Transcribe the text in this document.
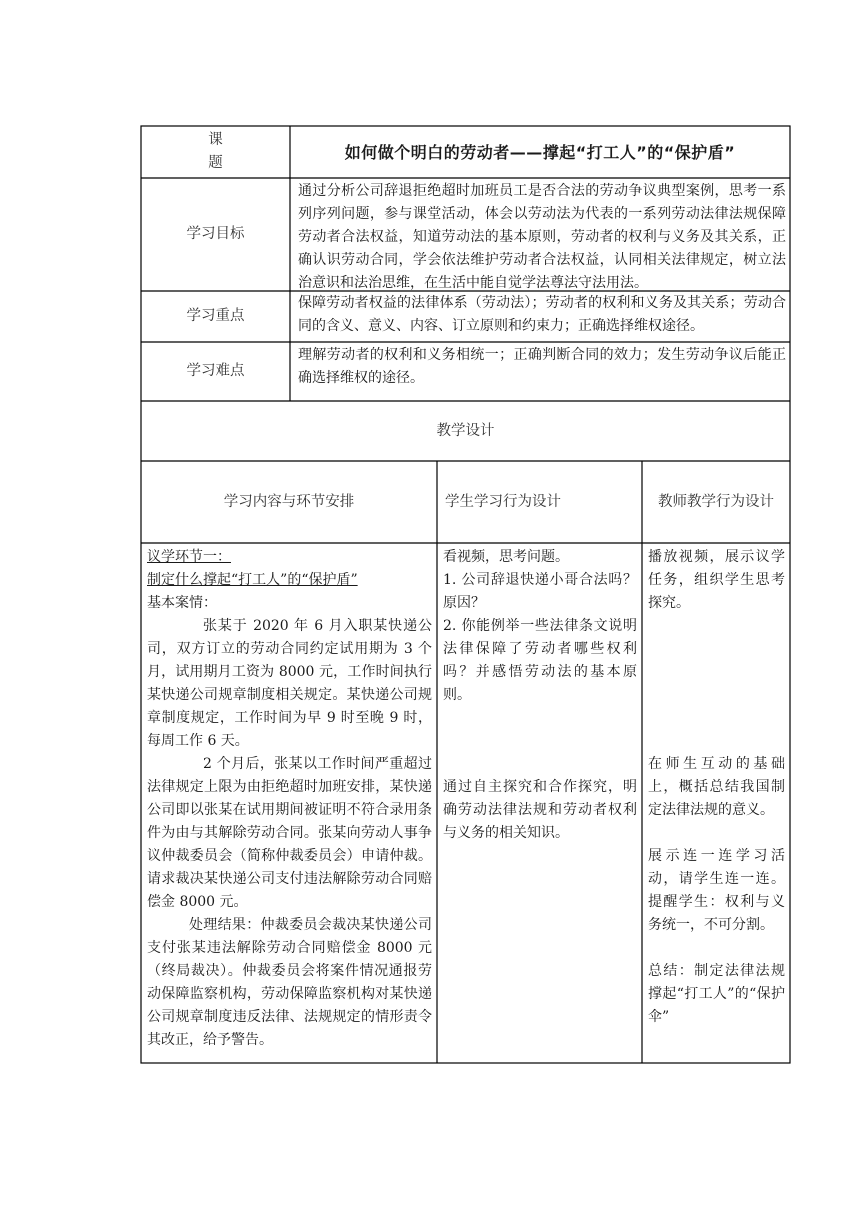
课　　题
如何做个明白的劳动者——撑起“打工人”的“保护盾”
学习目标
通过分析公司辞退拒绝超时加班员工是否合法的劳动争议典型案例，思考一系列序列问题，参与课堂活动，体会以劳动法为代表的一系列劳动法律法规保障劳动者合法权益，知道劳动法的基本原则，劳动者的权利与义务及其关系，正确认识劳动合同，学会依法维护劳动者合法权益，认同相关法律规定，树立法治意识和法治思维，在生活中能自觉学法尊法守法用法。
学习重点
保障劳动者权益的法律体系（劳动法）；劳动者的权利和义务及其关系；劳动合同的含义、意义、内容、订立原则和约束力；正确选择维权途径。
学习难点
理解劳动者的权利和义务相统一；正确判断合同的效力；发生劳动争议后能正确选择维权的途径。
教学设计
学习内容与环节安排	学生学习行为设计	教师教学行为设计

议学环节一：

制定什么撑起“打工人”的“保护盾”

基本案情：

张某于 2020 年 6 月入职某快递公司，双方订立的劳动合同约定试用期为 3 个月，试用期月工资为 8000 元，工作时间执行某快递公司规章制度相关规定。某快递公司规章制度规定，工作时间为早 9 时至晚 9 时，每周工作 6 天。

2 个月后，张某以工作时间严重超过法律规定上限为由拒绝超时加班安排，某快递公司即以张某在试用期间被证明不符合录用条件为由与其解除劳动合同。张某向劳动人事争议仲裁委员会（简称仲裁委员会）申请仲裁。请求裁决某快递公司支付违法解除劳动合同赔偿金 8000 元。

处理结果：仲裁委员会裁决某快递公司支付张某违法解除劳动合同赔偿金 8000 元（终局裁决）。仲裁委员会将案件情况通报劳动保障监察机构，劳动保障监察机构对某快递公司规章制度违反法律、法规规定的情形责令其改正，给予警告。

看视频，思考问题。

1. 公司辞退快递小哥合法吗？原因？

2. 你能例举一些法律条文说明法律保障了劳动者哪些权利吗？并感悟劳动法的基本原则。

通过自主探究和合作探究，明确劳动法律法规和劳动者权利与义务的相关知识。

播放视频，展示议学任务，组织学生思考探究。

在师生互动的基础上，概括总结我国制定法律法规的意义。

展示连一连学习活动，请学生连一连。提醒学生：权利与义务统一，不可分割。

总结：制定法律法规撑起“打工人”的“保护伞”
